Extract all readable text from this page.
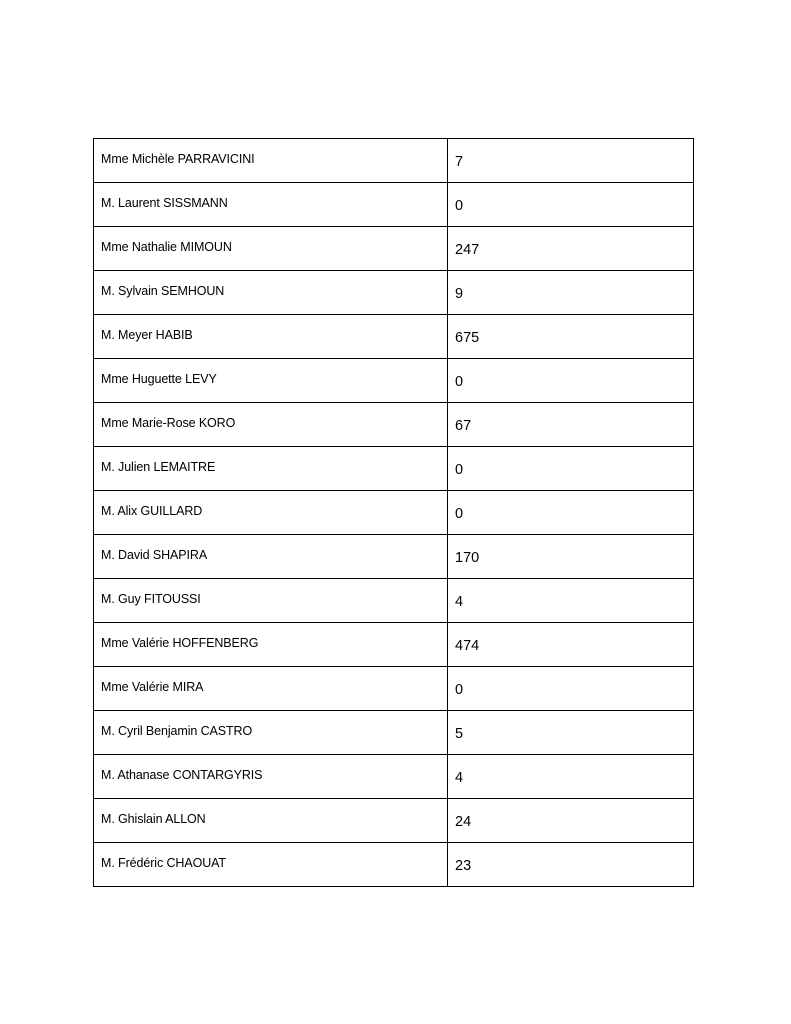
Mme Michèle PARRAVICINI	7
M. Laurent SISSMANN	0
Mme Nathalie MIMOUN	247
M. Sylvain SEMHOUN	9
M. Meyer HABIB	675
Mme Huguette LEVY	0
Mme Marie-Rose KORO	67
M. Julien LEMAITRE	0
M. Alix GUILLARD	0
M. David SHAPIRA	170
M. Guy FITOUSSI	4
Mme Valérie HOFFENBERG	474
Mme Valérie MIRA	0
M. Cyril Benjamin CASTRO	5
M. Athanase CONTARGYRIS	4
M. Ghislain ALLON	24
M. Frédéric CHAOUAT	23
